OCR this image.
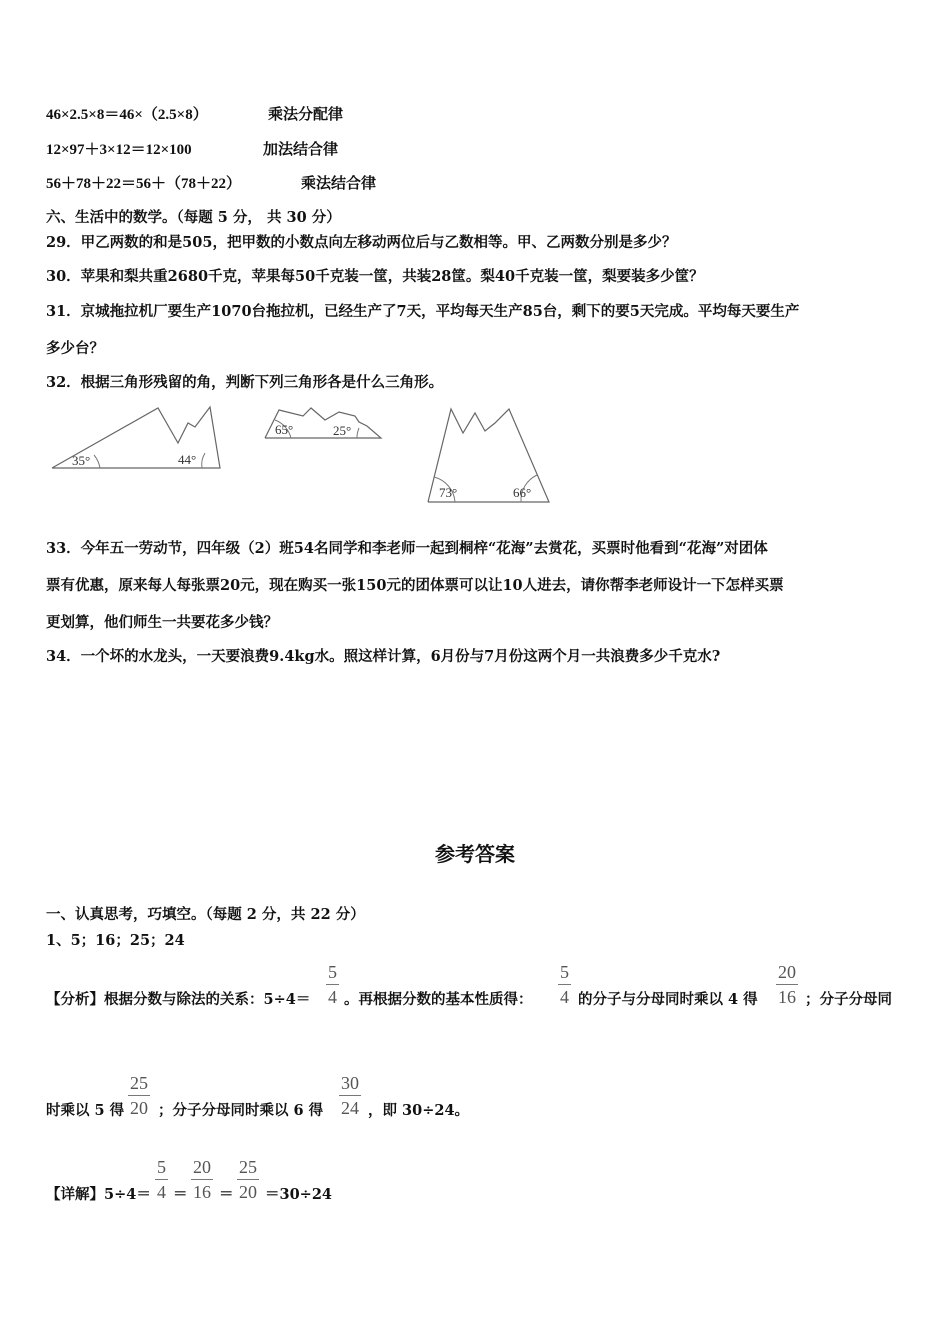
46×2.5×8＝46×（2.5×8）	乘法分配律
12×97＋3×12＝12×100	加法结合律
56＋78＋22＝56＋（78＋22）	乘法结合律
六、生活中的数学。（每题 5 分， 共 30 分）
29．甲乙两数的和是505，把甲数的小数点向左移动两位后与乙数相等。甲、乙两数分别是多少？
30．苹果和梨共重2680千克，苹果每50千克装一筐，共装28筐。梨40千克装一筐，梨要装多少筐？
31．京城拖拉机厂要生产1070台拖拉机，已经生产了7天，平均每天生产85台，剩下的要5天完成。平均每天要生产
多少台？
32．根据三角形残留的角，判断下列三角形各是什么三角形。
35°	44°
65°	25°
73°	66°
33．今年五一劳动节，四年级（2）班54名同学和李老师一起到桐梓“花海”去赏花，买票时他看到“花海”对团体
票有优惠，原来每人每张票20元，现在购买一张150元的团体票可以让10人进去，请你帮李老师设计一下怎样买票
更划算，他们师生一共要花多少钱？
34．一个坏的水龙头，一天要浪费9.4kg水。照这样计算，6月份与7月份这两个月一共浪费多少千克水?
参考答案
一、认真思考，巧填空。（每题 2 分，共 22 分）
1、5；16；25；24
【分析】根据分数与除法的关系：5÷4＝
5
4 。再根据分数的基本性质得：
5
4 的分子与分母同时乘以 4 得
20
16 ；分子分母同
时乘以 5 得
25
20 ；分子分母同时乘以 6 得
30
24 ，即 30÷24。
【详解】5÷4＝
5
4 ＝
20
16 ＝
25
20 ＝30÷24
